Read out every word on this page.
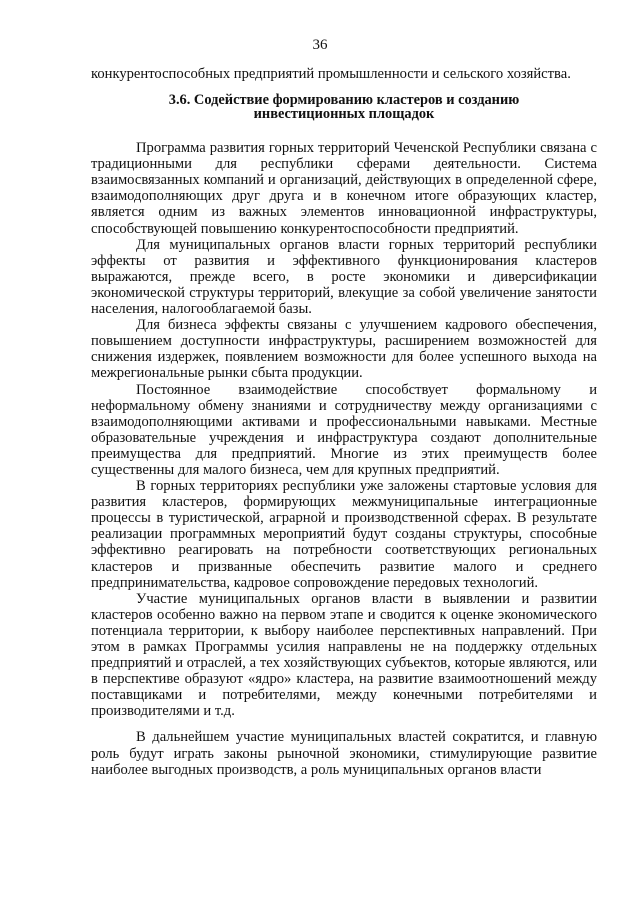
36

конкурентоспособных предприятий промышленности и сельского хозяйства.

3.6. Содействие формированию кластеров и созданию
инвестиционных площадок

Программа развития горных территорий Чеченской Республики связана с традиционными для республики сферами деятельности. Система взаимосвязанных компаний и организаций, действующих в определенной сфере, взаимодополняющих друг друга и в конечном итоге образующих кластер, является одним из важных элементов инновационной инфраструктуры, способствующей повышению конкурентоспособности предприятий.

Для муниципальных органов власти горных территорий республики эффекты от развития и эффективного функционирования кластеров выражаются, прежде всего, в росте экономики и диверсификации экономической структуры территорий, влекущие за собой увеличение занятости населения, налогооблагаемой базы.

Для бизнеса эффекты связаны с улучшением кадрового обеспечения, повышением доступности инфраструктуры, расширением возможностей для снижения издержек, появлением возможности для более успешного выхода на межрегиональные рынки сбыта продукции.

Постоянное взаимодействие способствует формальному и неформальному обмену знаниями и сотрудничеству между организациями с взаимодополняющими активами и профессиональными навыками. Местные образовательные учреждения и инфраструктура создают дополнительные преимущества для предприятий. Многие из этих преимуществ более существенны для малого бизнеса, чем для крупных предприятий.

В горных территориях республики уже заложены стартовые условия для развития кластеров, формирующих межмуниципальные интеграционные процессы в туристической, аграрной и производственной сферах. В результате реализации программных мероприятий будут созданы структуры, способные эффективно реагировать на потребности соответствующих региональных кластеров и призванные обеспечить развитие малого и среднего предпринимательства, кадровое сопровождение передовых технологий.

Участие муниципальных органов власти в выявлении и развитии кластеров особенно важно на первом этапе и сводится к оценке экономического потенциала территории, к выбору наиболее перспективных направлений. При этом в рамках Программы усилия направлены не на поддержку отдельных предприятий и отраслей, а тех хозяйствующих субъектов, которые являются, или в перспективе образуют «ядро» кластера, на развитие взаимоотношений между поставщиками и потребителями, между конечными потребителями и производителями и т.д.

В дальнейшем участие муниципальных властей сократится, и главную роль будут играть законы рыночной экономики, стимулирующие развитие наиболее выгодных производств, а роль муниципальных органов власти
